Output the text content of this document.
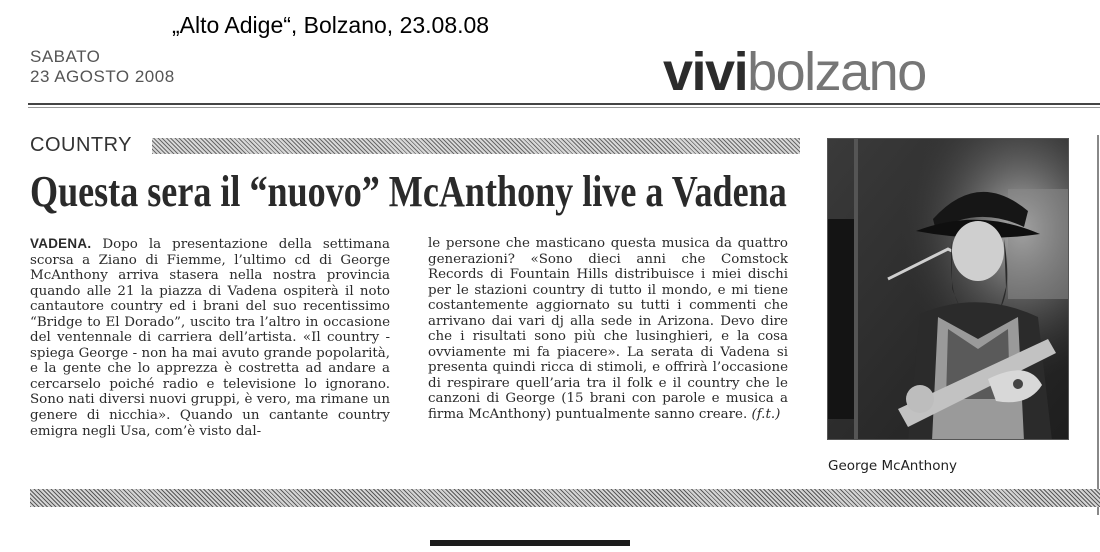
„Alto Adige“, Bolzano, 23.08.08
SABATO
23 AGOSTO 2008	vivibolzano
COUNTRY
Questa sera il “nuovo” McAnthony live a Vadena

VADENA. Dopo la presentazione della settimana scorsa a Ziano di Fiemme, l’ultimo cd di George McAnthony arriva stasera nella nostra provincia quando alle 21 la piazza di Vadena ospiterà il noto cantautore country ed i brani del suo recentissimo “Bridge to El Dorado”, uscito tra l’altro in occasione del ventennale di carriera dell’artista. «Il country - spiega George - non ha mai avuto grande popolarità, e la gente che lo apprezza è costretta ad andare a cercarselo poiché radio e televisione lo ignorano. Sono nati diversi nuovi gruppi, è vero, ma rimane un genere di nicchia». Quando un cantante country emigra negli Usa, com’è visto dal-

le persone che masticano questa musica da quattro generazioni? «Sono dieci anni che Comstock Records di Fountain Hills distribuisce i miei dischi per le stazioni country di tutto il mondo, e mi tiene costantemente aggiornato su tutti i commenti che arrivano dai vari dj alla sede in Arizona. Devo dire che i risultati sono più che lusinghieri, e la cosa ovviamente mi fa piacere». La serata di Vadena si presenta quindi ricca di stimoli, e offrirà l’occasione di respirare quell’aria tra il folk e il country che le canzoni di George (15 brani con parole e musica a firma McAnthony) puntualmente sanno creare. (f.t.)

George McAnthony
